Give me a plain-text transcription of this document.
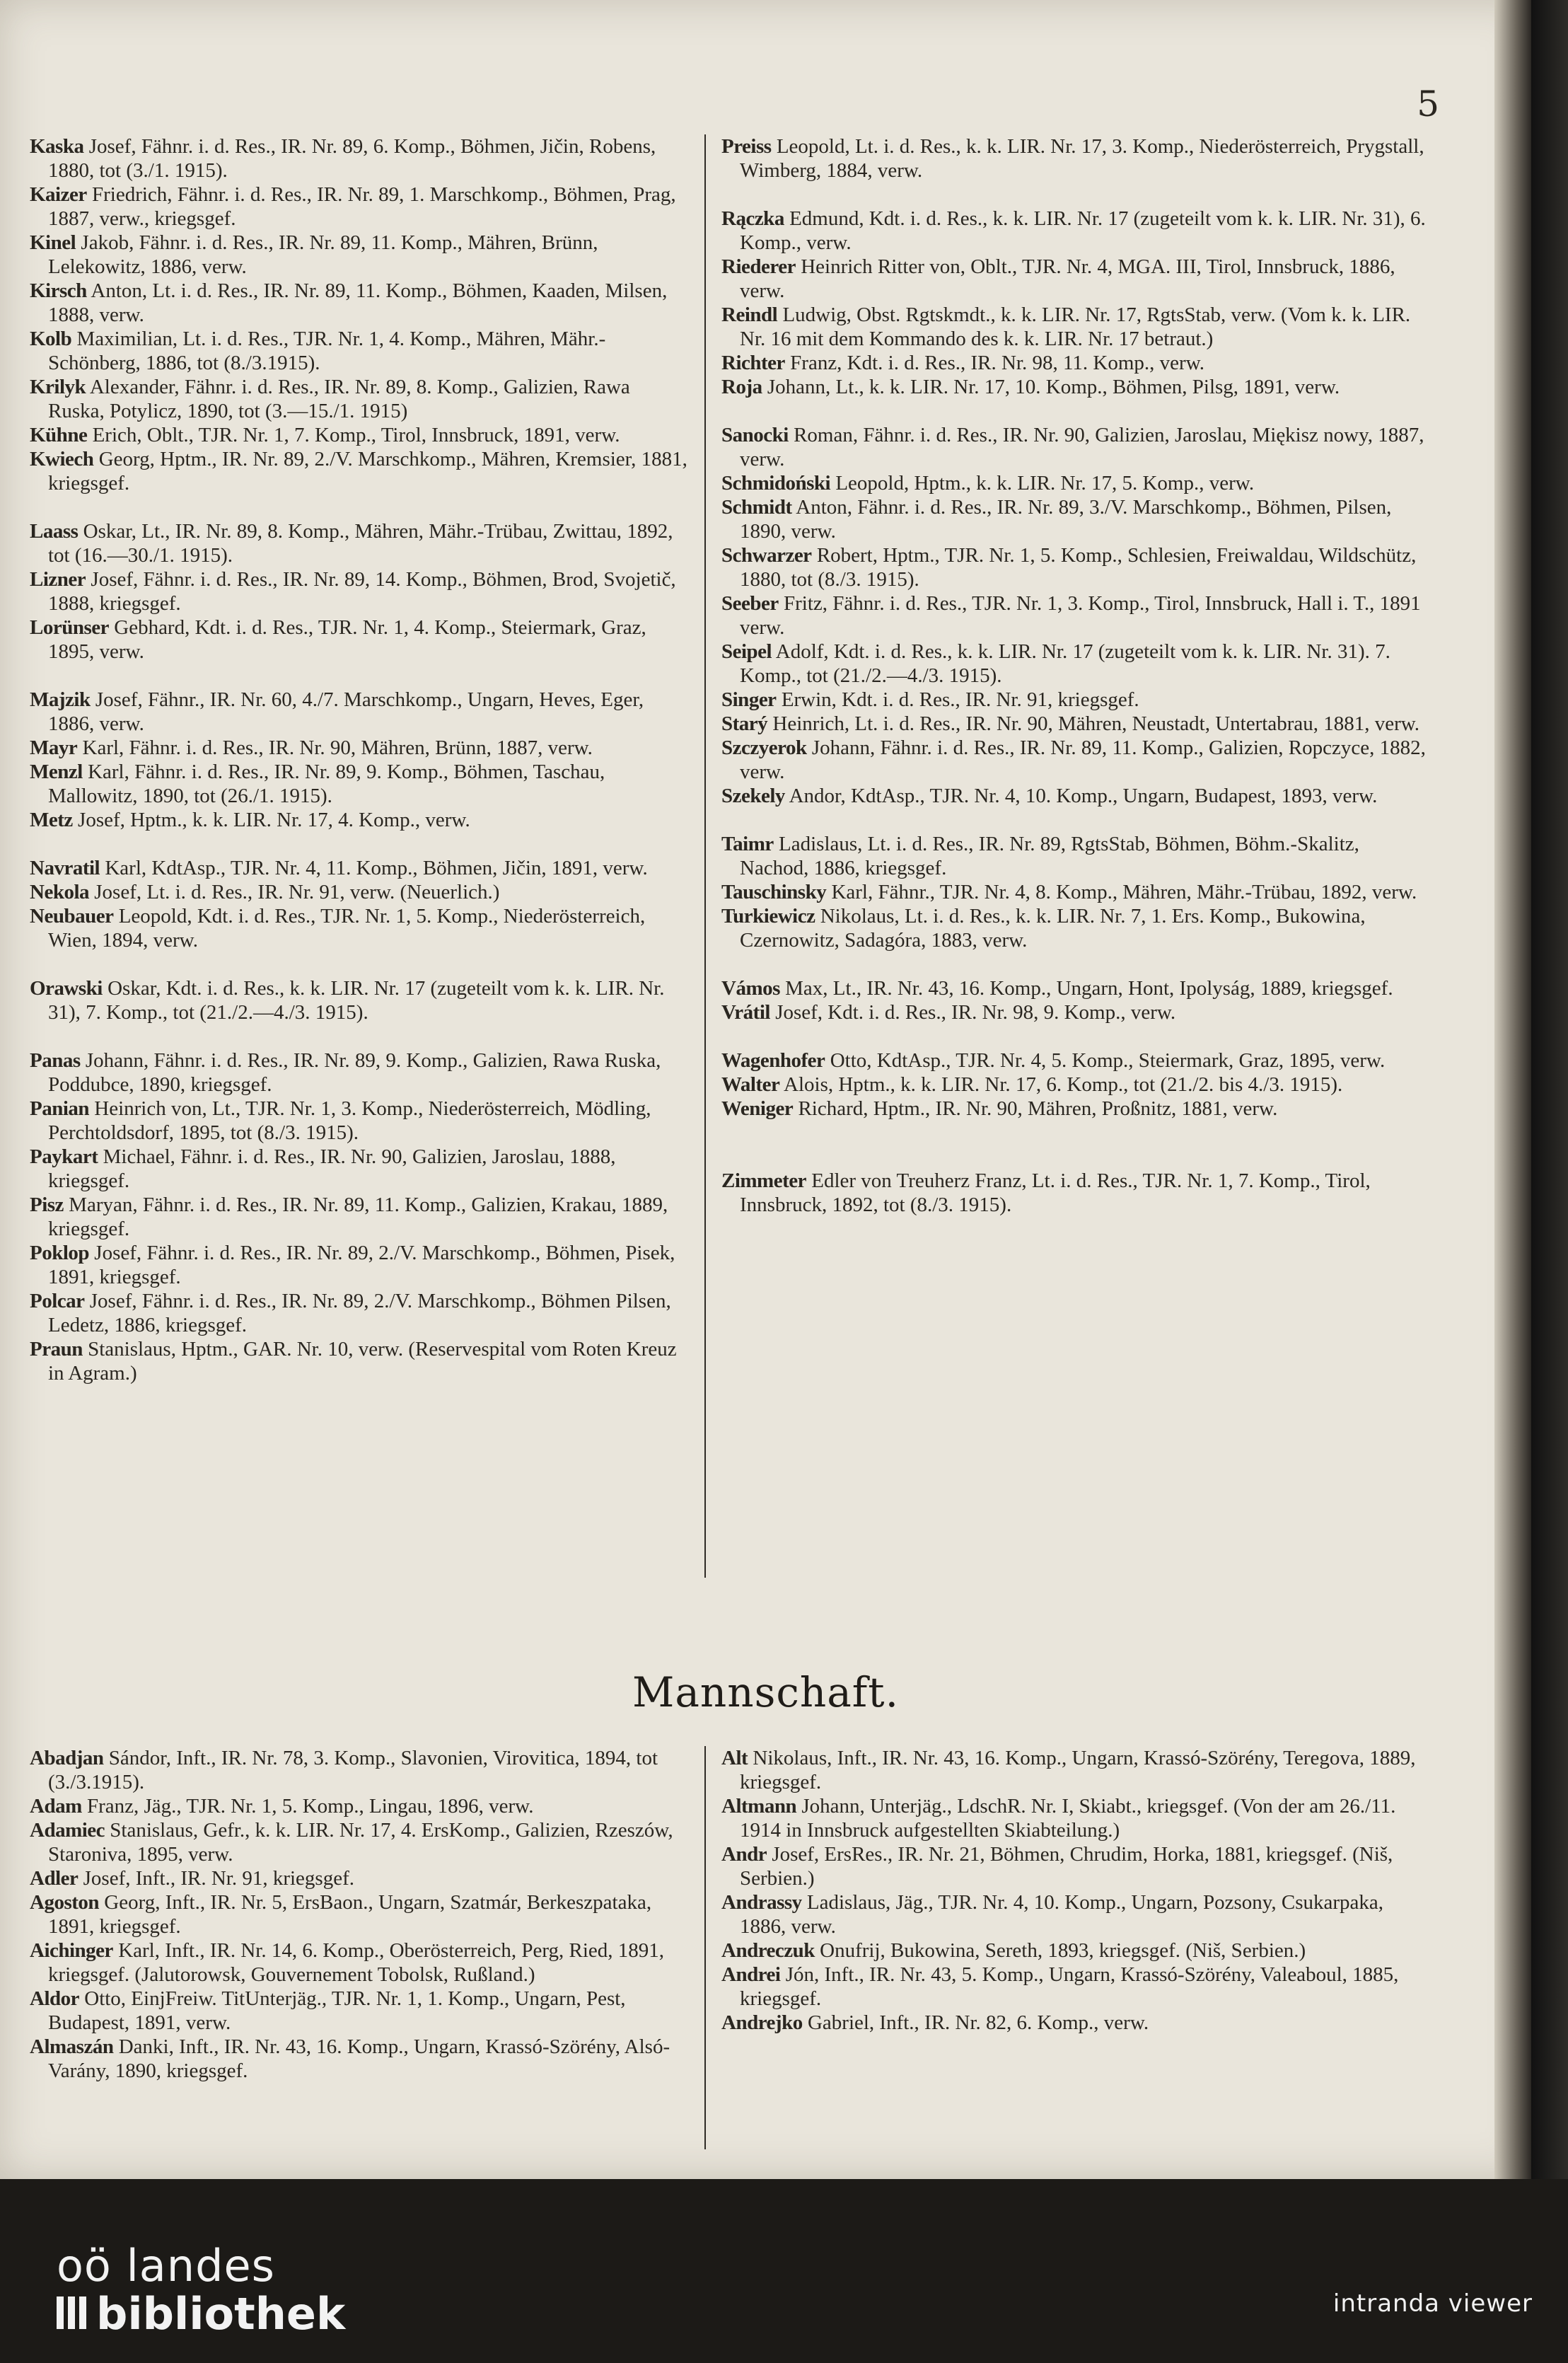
5

Kaska Josef, Fähnr. i. d. Res., IR. Nr. 89, 6. Komp., Böhmen, Jičin, Robens, 1880, tot (3./1. 1915).

Kaizer Friedrich, Fähnr. i. d. Res., IR. Nr. 89, 1. Marschkomp., Böhmen, Prag, 1887, verw., kriegsgef.

Kinel Jakob, Fähnr. i. d. Res., IR. Nr. 89, 11. Komp., Mähren, Brünn, Lelekowitz, 1886, verw.

Kirsch Anton, Lt. i. d. Res., IR. Nr. 89, 11. Komp., Böhmen, Kaaden, Milsen, 1888, verw.

Kolb Maximilian, Lt. i. d. Res., TJR. Nr. 1, 4. Komp., Mähren, Mähr.-Schönberg, 1886, tot (8./3.1915).

Krilyk Alexander, Fähnr. i. d. Res., IR. Nr. 89, 8. Komp., Galizien, Rawa Ruska, Potylicz, 1890, tot (3.—15./1. 1915)

Kühne Erich, Oblt., TJR. Nr. 1, 7. Komp., Tirol, Innsbruck, 1891, verw.

Kwiech Georg, Hptm., IR. Nr. 89, 2./V. Marschkomp., Mähren, Kremsier, 1881, kriegsgef.

Laass Oskar, Lt., IR. Nr. 89, 8. Komp., Mähren, Mähr.-Trübau, Zwittau, 1892, tot (16.—30./1. 1915).

Lizner Josef, Fähnr. i. d. Res., IR. Nr. 89, 14. Komp., Böhmen, Brod, Svojetič, 1888, kriegsgef.

Lorünser Gebhard, Kdt. i. d. Res., TJR. Nr. 1, 4. Komp., Steiermark, Graz, 1895, verw.

Majzik Josef, Fähnr., IR. Nr. 60, 4./7. Marschkomp., Ungarn, Heves, Eger, 1886, verw.

Mayr Karl, Fähnr. i. d. Res., IR. Nr. 90, Mähren, Brünn, 1887, verw.

Menzl Karl, Fähnr. i. d. Res., IR. Nr. 89, 9. Komp., Böhmen, Taschau, Mallowitz, 1890, tot (26./1. 1915).

Metz Josef, Hptm., k. k. LIR. Nr. 17, 4. Komp., verw.

Navratil Karl, KdtAsp., TJR. Nr. 4, 11. Komp., Böhmen, Jičin, 1891, verw.

Nekola Josef, Lt. i. d. Res., IR. Nr. 91, verw. (Neuerlich.)

Neubauer Leopold, Kdt. i. d. Res., TJR. Nr. 1, 5. Komp., Niederösterreich, Wien, 1894, verw.

Orawski Oskar, Kdt. i. d. Res., k. k. LIR. Nr. 17 (zugeteilt vom k. k. LIR. Nr. 31), 7. Komp., tot (21./2.—4./3. 1915).

Panas Johann, Fähnr. i. d. Res., IR. Nr. 89, 9. Komp., Galizien, Rawa Ruska, Poddubce, 1890, kriegsgef.

Panian Heinrich von, Lt., TJR. Nr. 1, 3. Komp., Niederösterreich, Mödling, Perchtoldsdorf, 1895, tot (8./3. 1915).

Paykart Michael, Fähnr. i. d. Res., IR. Nr. 90, Galizien, Jaroslau, 1888, kriegsgef.

Pisz Maryan, Fähnr. i. d. Res., IR. Nr. 89, 11. Komp., Galizien, Krakau, 1889, kriegsgef.

Poklop Josef, Fähnr. i. d. Res., IR. Nr. 89, 2./V. Marschkomp., Böhmen, Pisek, 1891, kriegsgef.

Polcar Josef, Fähnr. i. d. Res., IR. Nr. 89, 2./V. Marschkomp., Böhmen Pilsen, Ledetz, 1886, kriegsgef.

Praun Stanislaus, Hptm., GAR. Nr. 10, verw. (Reservespital vom Roten Kreuz in Agram.)

Preiss Leopold, Lt. i. d. Res., k. k. LIR. Nr. 17, 3. Komp., Niederösterreich, Prygstall, Wimberg, 1884, verw.

Rączka Edmund, Kdt. i. d. Res., k. k. LIR. Nr. 17 (zugeteilt vom k. k. LIR. Nr. 31), 6. Komp., verw.

Riederer Heinrich Ritter von, Oblt., TJR. Nr. 4, MGA. III, Tirol, Innsbruck, 1886, verw.

Reindl Ludwig, Obst. Rgtskmdt., k. k. LIR. Nr. 17, RgtsStab, verw. (Vom k. k. LIR. Nr. 16 mit dem Kommando des k. k. LIR. Nr. 17 betraut.)

Richter Franz, Kdt. i. d. Res., IR. Nr. 98, 11. Komp., verw.

Roja Johann, Lt., k. k. LIR. Nr. 17, 10. Komp., Böhmen, Pilsg, 1891, verw.

Sanocki Roman, Fähnr. i. d. Res., IR. Nr. 90, Galizien, Jaroslau, Miękisz nowy, 1887, verw.

Schmidoński Leopold, Hptm., k. k. LIR. Nr. 17, 5. Komp., verw.

Schmidt Anton, Fähnr. i. d. Res., IR. Nr. 89, 3./V. Marschkomp., Böhmen, Pilsen, 1890, verw.

Schwarzer Robert, Hptm., TJR. Nr. 1, 5. Komp., Schlesien, Freiwaldau, Wildschütz, 1880, tot (8./3. 1915).

Seeber Fritz, Fähnr. i. d. Res., TJR. Nr. 1, 3. Komp., Tirol, Innsbruck, Hall i. T., 1891 verw.

Seipel Adolf, Kdt. i. d. Res., k. k. LIR. Nr. 17 (zugeteilt vom k. k. LIR. Nr. 31). 7. Komp., tot (21./2.—4./3. 1915).

Singer Erwin, Kdt. i. d. Res., IR. Nr. 91, kriegsgef.

Starý Heinrich, Lt. i. d. Res., IR. Nr. 90, Mähren, Neustadt, Untertabrau, 1881, verw.

Szczyerok Johann, Fähnr. i. d. Res., IR. Nr. 89, 11. Komp., Galizien, Ropczyce, 1882, verw.

Szekely Andor, KdtAsp., TJR. Nr. 4, 10. Komp., Ungarn, Budapest, 1893, verw.

Taimr Ladislaus, Lt. i. d. Res., IR. Nr. 89, RgtsStab, Böhmen, Böhm.-Skalitz, Nachod, 1886, kriegsgef.

Tauschinsky Karl, Fähnr., TJR. Nr. 4, 8. Komp., Mähren, Mähr.-Trübau, 1892, verw.

Turkiewicz Nikolaus, Lt. i. d. Res., k. k. LIR. Nr. 7, 1. Ers. Komp., Bukowina, Czernowitz, Sadagóra, 1883, verw.

Vámos Max, Lt., IR. Nr. 43, 16. Komp., Ungarn, Hont, Ipolyság, 1889, kriegsgef.

Vrátil Josef, Kdt. i. d. Res., IR. Nr. 98, 9. Komp., verw.

Wagenhofer Otto, KdtAsp., TJR. Nr. 4, 5. Komp., Steiermark, Graz, 1895, verw.

Walter Alois, Hptm., k. k. LIR. Nr. 17, 6. Komp., tot (21./2. bis 4./3. 1915).

Weniger Richard, Hptm., IR. Nr. 90, Mähren, Proßnitz, 1881, verw.

Zimmeter Edler von Treuherz Franz, Lt. i. d. Res., TJR. Nr. 1, 7. Komp., Tirol, Innsbruck, 1892, tot (8./3. 1915).

Mannschaft.

Abadjan Sándor, Inft., IR. Nr. 78, 3. Komp., Slavonien, Virovitica, 1894, tot (3./3.1915).

Adam Franz, Jäg., TJR. Nr. 1, 5. Komp., Lingau, 1896, verw.

Adamiec Stanislaus, Gefr., k. k. LIR. Nr. 17, 4. ErsKomp., Galizien, Rzeszów, Staroniva, 1895, verw.

Adler Josef, Inft., IR. Nr. 91, kriegsgef.

Agoston Georg, Inft., IR. Nr. 5, ErsBaon., Ungarn, Szatmár, Berkeszpataka, 1891, kriegsgef.

Aichinger Karl, Inft., IR. Nr. 14, 6. Komp., Oberösterreich, Perg, Ried, 1891, kriegsgef. (Jalutorowsk, Gouvernement Tobolsk, Rußland.)

Aldor Otto, EinjFreiw. TitUnterjäg., TJR. Nr. 1, 1. Komp., Ungarn, Pest, Budapest, 1891, verw.

Almaszán Danki, Inft., IR. Nr. 43, 16. Komp., Ungarn, Krassó-Szörény, Alsó-Varány, 1890, kriegsgef.

Alt Nikolaus, Inft., IR. Nr. 43, 16. Komp., Ungarn, Krassó-Szörény, Teregova, 1889, kriegsgef.

Altmann Johann, Unterjäg., LdschR. Nr. I, Skiabt., kriegsgef. (Von der am 26./11. 1914 in Innsbruck aufgestellten Skiabteilung.)

Andr Josef, ErsRes., IR. Nr. 21, Böhmen, Chrudim, Horka, 1881, kriegsgef. (Niš, Serbien.)

Andrassy Ladislaus, Jäg., TJR. Nr. 4, 10. Komp., Ungarn, Pozsony, Csukarpaka, 1886, verw.

Andreczuk Onufrij, Bukowina, Sereth, 1893, kriegsgef. (Niš, Serbien.)

Andrei Jón, Inft., IR. Nr. 43, 5. Komp., Ungarn, Krassó-Szörény, Valeaboul, 1885, kriegsgef.

Andrejko Gabriel, Inft., IR. Nr. 82, 6. Komp., verw.

oö landes
bibliothek	intranda viewer
